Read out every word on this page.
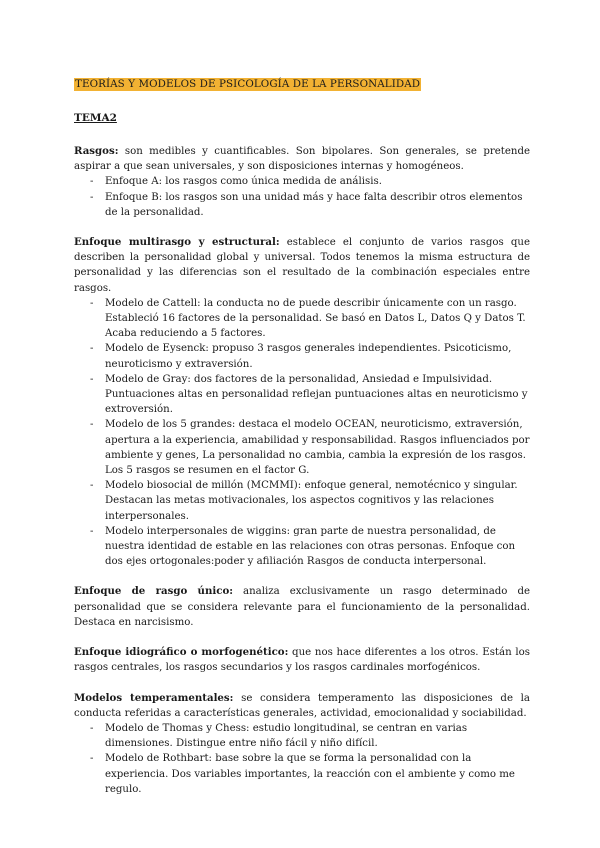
TEORÍAS Y MODELOS DE PSICOLOGÍA DE LA PERSONALIDAD
TEMA2

Rasgos: son medibles y cuantificables. Son bipolares. Son generales, se pretende aspirar a que sean universales, y son disposiciones internas y homogéneos.

- Enfoque A: los rasgos como única medida de análisis.
- Enfoque B: los rasgos son una unidad más y hace falta describir otros elementos de la personalidad.

Enfoque multirasgo y estructural: establece el conjunto de varios rasgos que describen la personalidad global y universal. Todos tenemos la misma estructura de personalidad y las diferencias son el resultado de la combinación especiales entre rasgos.

- Modelo de Cattell: la conducta no de puede describir únicamente con un rasgo. Estableció 16 factores de la personalidad. Se basó en Datos L, Datos Q y Datos T. Acaba reduciendo a 5 factores.
- Modelo de Eysenck: propuso 3 rasgos generales independientes. Psicoticismo, neuroticismo y extraversión.
- Modelo de Gray: dos factores de la personalidad, Ansiedad e Impulsividad. Puntuaciones altas en personalidad reflejan puntuaciones altas en neuroticismo y extroversión.
- Modelo de los 5 grandes: destaca el modelo OCEAN, neuroticismo, extraversión, apertura a la experiencia, amabilidad y responsabilidad. Rasgos influenciados por ambiente y genes, La personalidad no cambia, cambia la expresión de los rasgos. Los 5 rasgos se resumen en el factor G.
- Modelo biosocial de millón (MCMMI): enfoque general, nemotécnico y singular. Destacan las metas motivacionales, los aspectos cognitivos y las relaciones interpersonales.
- Modelo interpersonales de wiggins: gran parte de nuestra personalidad, de nuestra identidad de estable en las relaciones con otras personas. Enfoque con dos ejes ortogonales:poder y afiliación Rasgos de conducta interpersonal.

Enfoque de rasgo único: analiza exclusivamente un rasgo determinado de personalidad que se considera relevante para el funcionamiento de la personalidad. Destaca en narcisismo.

Enfoque idiográfico o morfogenético: que nos hace diferentes a los otros. Están los rasgos centrales, los rasgos secundarios y los rasgos cardinales morfogénicos.

Modelos temperamentales: se considera temperamento las disposiciones de la conducta referidas a características generales, actividad, emocionalidad y sociabilidad.

- Modelo de Thomas y Chess: estudio longitudinal, se centran en varias dimensiones. Distingue entre niño fácil y niño difícil.
- Modelo de Rothbart: base sobre la que se forma la personalidad con la experiencia. Dos variables importantes, la reacción con el ambiente y como me regulo.
